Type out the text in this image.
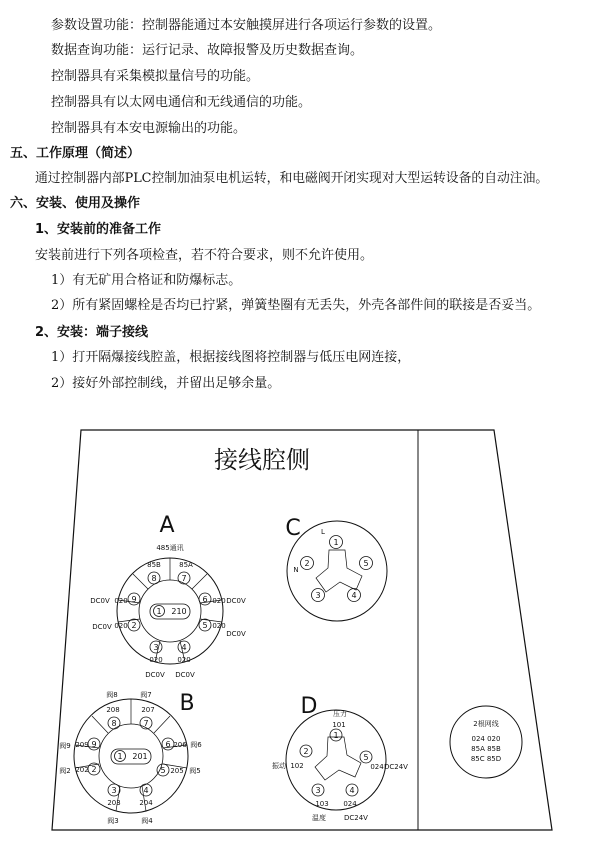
参数设置功能：控制器能通过本安触摸屏进行各项运行参数的设置。
数据查询功能：运行记录、故障报警及历史数据查询。
控制器具有采集模拟量信号的功能。
控制器具有以太网电通信和无线通信的功能。
控制器具有本安电源输出的功能。
五、工作原理（简述）
通过控制器内部PLC控制加油泵电机运转，和电磁阀开闭实现对大型运转设备的自动注油。
六、安装、使用及操作
1、安装前的准备工作
安装前进行下列各项检查，若不符合要求，则不允许使用。
1）有无矿用合格证和防爆标志。
2）所有紧固螺栓是否均已拧紧，弹簧垫圈有无丢失，外壳各部件间的联接是否妥当。
2、安装：端子接线
1）打开隔爆接线腔盖，根据接线图将控制器与低压电网连接，
2）接好外部控制线，并留出足够余量。
接线腔侧
A
485通讯
1 210
8
85B
7
85A
9
020
DC0V	6 020 DC0V
2
020
DC0V	5 020
DC0V
3
020
4
020
DC0V DC0V
B
1 201
8
208
阀8
7
207
阀7
9
209
阀9	6 206 阀6
2
202
阀2	5 205 阀5
3
203
阀3
4
204
阀4
C	L
N
1
2	5
3	4
D
1
101
压力
2
102
振动
5
024 DC24V
3
103
温度
4
024
DC24V
2根网线
024 020
85A 85B
85C 85D
